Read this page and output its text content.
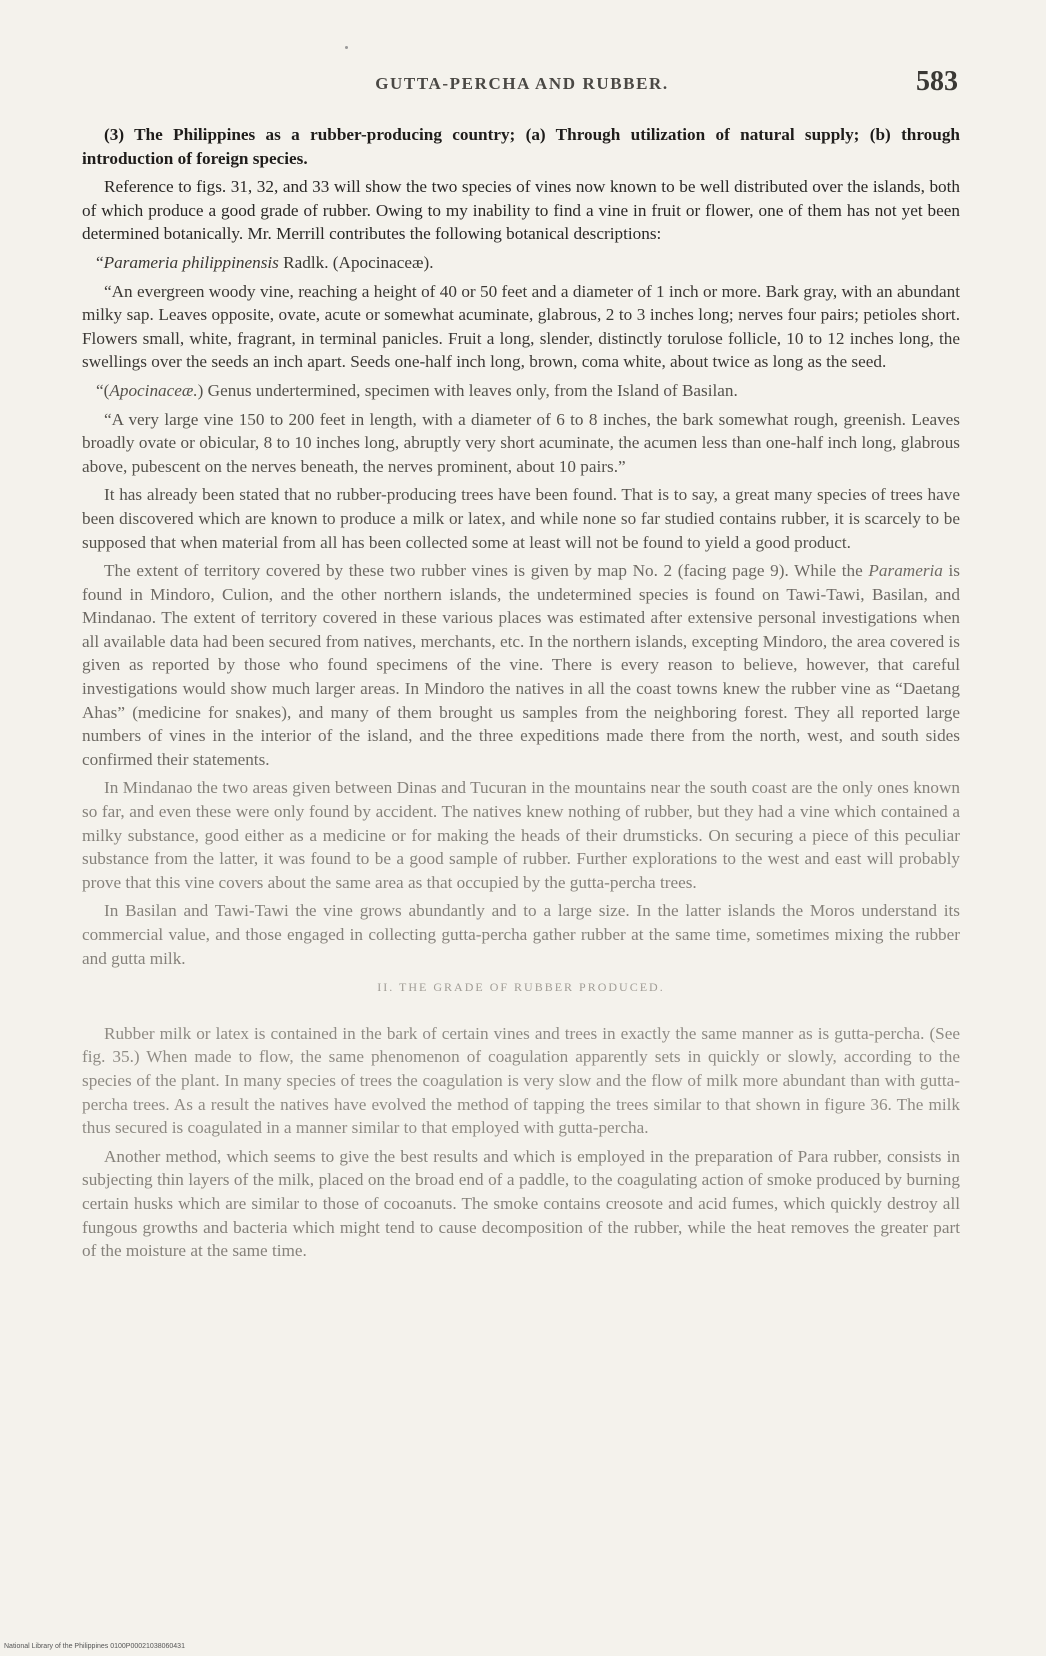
GUTTA-PERCHA AND RUBBER.	583

(3) The Philippines as a rubber-producing country; (a) Through utilization of natural supply; (b) through introduction of foreign species.

Reference to figs. 31, 32, and 33 will show the two species of vines now known to be well distributed over the islands, both of which produce a good grade of rubber. Owing to my inability to find a vine in fruit or flower, one of them has not yet been determined botanically. Mr. Merrill contributes the following botanical descriptions:

“Parameria philippinensis Radlk. (Apocinaceæ).

“An evergreen woody vine, reaching a height of 40 or 50 feet and a diameter of 1 inch or more. Bark gray, with an abundant milky sap. Leaves opposite, ovate, acute or somewhat acuminate, glabrous, 2 to 3 inches long; nerves four pairs; petioles short. Flowers small, white, fragrant, in terminal panicles. Fruit a long, slender, distinctly torulose follicle, 10 to 12 inches long, the swellings over the seeds an inch apart. Seeds one-half inch long, brown, coma white, about twice as long as the seed.

“(Apocinaceæ.) Genus undertermined, specimen with leaves only, from the Island of Basilan.

“A very large vine 150 to 200 feet in length, with a diameter of 6 to 8 inches, the bark somewhat rough, greenish. Leaves broadly ovate or obicular, 8 to 10 inches long, abruptly very short acuminate, the acumen less than one-half inch long, glabrous above, pubescent on the nerves beneath, the nerves prominent, about 10 pairs.”

It has already been stated that no rubber-producing trees have been found. That is to say, a great many species of trees have been discovered which are known to produce a milk or latex, and while none so far studied contains rubber, it is scarcely to be supposed that when material from all has been collected some at least will not be found to yield a good product.

The extent of territory covered by these two rubber vines is given by map No. 2 (facing page 9). While the Parameria is found in Mindoro, Culion, and the other northern islands, the undetermined species is found on Tawi-Tawi, Basilan, and Mindanao. The extent of territory covered in these various places was estimated after extensive personal investigations when all available data had been secured from natives, merchants, etc. In the northern islands, excepting Mindoro, the area covered is given as reported by those who found specimens of the vine. There is every reason to believe, however, that careful investigations would show much larger areas. In Mindoro the natives in all the coast towns knew the rubber vine as “Daetang Ahas” (medicine for snakes), and many of them brought us samples from the neighboring forest. They all reported large numbers of vines in the interior of the island, and the three expeditions made there from the north, west, and south sides confirmed their statements.

In Mindanao the two areas given between Dinas and Tucuran in the mountains near the south coast are the only ones known so far, and even these were only found by accident. The natives knew nothing of rubber, but they had a vine which contained a milky substance, good either as a medicine or for making the heads of their drumsticks. On securing a piece of this peculiar substance from the latter, it was found to be a good sample of rubber. Further explorations to the west and east will probably prove that this vine covers about the same area as that occupied by the gutta-percha trees.

In Basilan and Tawi-Tawi the vine grows abundantly and to a large size. In the latter islands the Moros understand its commercial value, and those engaged in collecting gutta-percha gather rubber at the same time, sometimes mixing the rubber and gutta milk.

II. THE GRADE OF RUBBER PRODUCED.

Rubber milk or latex is contained in the bark of certain vines and trees in exactly the same manner as is gutta-percha. (See fig. 35.) When made to flow, the same phenomenon of coagulation apparently sets in quickly or slowly, according to the species of the plant. In many species of trees the coagulation is very slow and the flow of milk more abundant than with gutta-percha trees. As a result the natives have evolved the method of tapping the trees similar to that shown in figure 36. The milk thus secured is coagulated in a manner similar to that employed with gutta-percha.

Another method, which seems to give the best results and which is employed in the preparation of Para rubber, consists in subjecting thin layers of the milk, placed on the broad end of a paddle, to the coagulating action of smoke produced by burning certain husks which are similar to those of cocoanuts. The smoke contains creosote and acid fumes, which quickly destroy all fungous growths and bacteria which might tend to cause decomposition of the rubber, while the heat removes the greater part of the moisture at the same time.

National Library of the Philippines 0100P00021038060431
